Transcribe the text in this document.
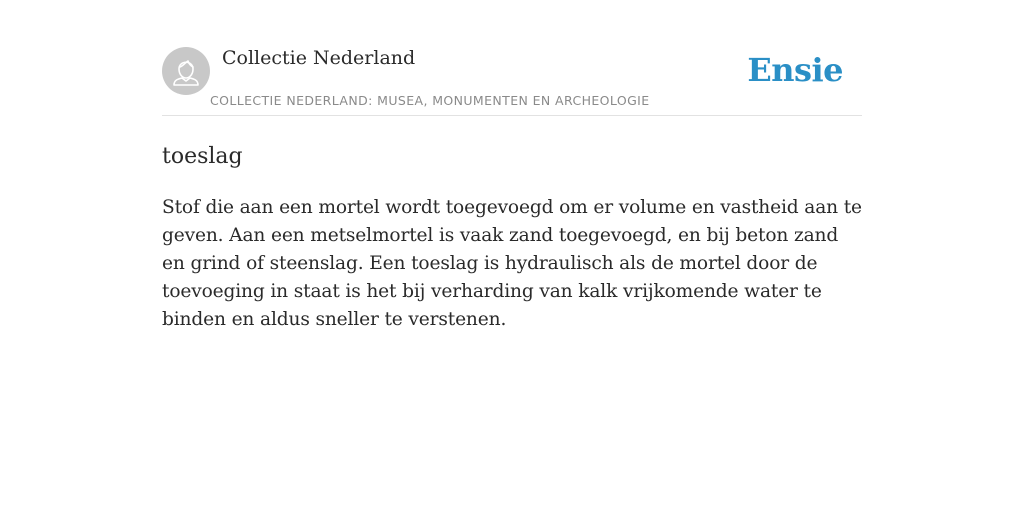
Collectie Nederland
COLLECTIE NEDERLAND: MUSEA, MONUMENTEN EN ARCHEOLOGIE
Ensie
toeslag

Stof die aan een mortel wordt toegevoegd om er volume en vastheid aan te geven. Aan een metselmortel is vaak zand toegevoegd, en bij beton zand en grind of steenslag. Een toeslag is hydraulisch als de mortel door de toevoeging in staat is het bij verharding van kalk vrijkomende water te binden en aldus sneller te verstenen.
